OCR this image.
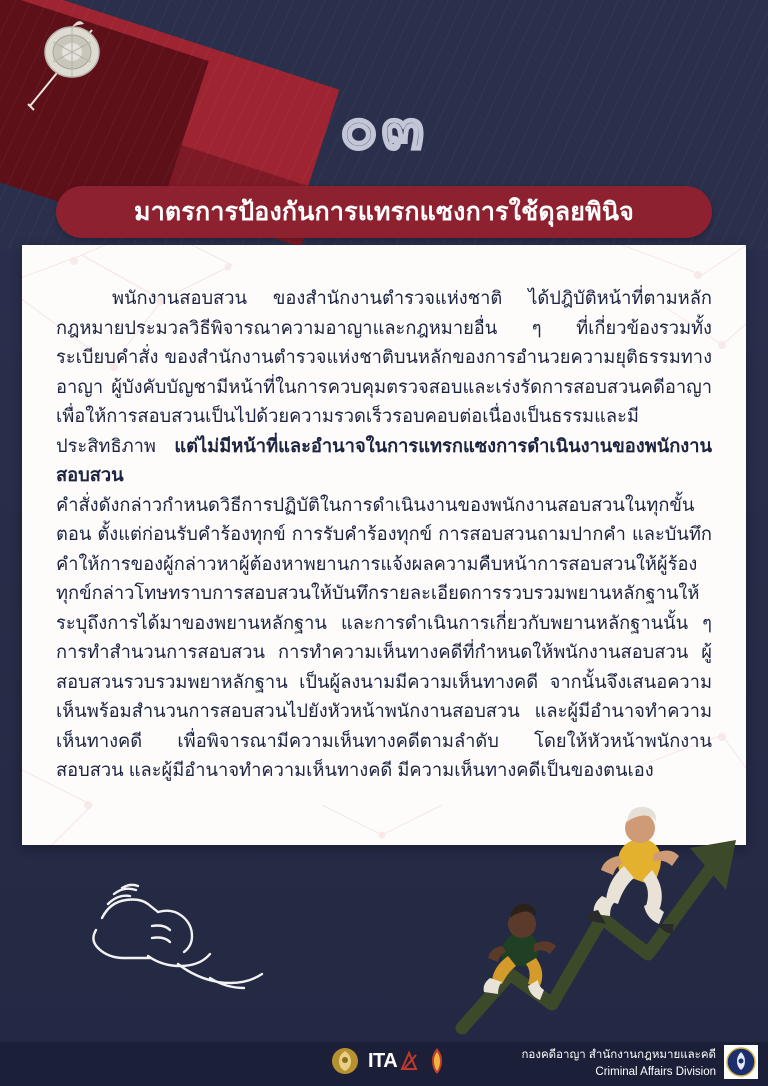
๐๓
มาตรการป้องกันการแทรกแซงการใช้ดุลยพินิจ

พนักงานสอบสวน ของสำนักงานตำรวจแห่งชาติ ได้ปฎิบัติหน้าที่ตามหลักกฎหมายประมวลวิธีพิจารณาความอาญาและกฎหมายอื่น ๆ ที่เกี่ยวข้องรวมทั้งระเบียบคำสั่ง ของสำนักงานตำรวจแห่งชาติบนหลักของการอำนวยความยุติธรรมทางอาญา ผู้บังคับบัญชามีหน้าที่ในการควบคุมตรวจสอบและเร่งรัดการสอบสวนคดีอาญาเพื่อให้การสอบสวนเป็นไปด้วยความรวดเร็วรอบคอบต่อเนื่องเป็นธรรมและมีประสิทธิภาพ แต่ไม่มีหน้าที่และอำนาจในการแทรกแซงการดำเนินงานของพนักงานสอบสวน

คำสั่งดังกล่าวกำหนดวิธีการปฏิบัติในการดำเนินงานของพนักงานสอบสวนในทุกขั้นตอน ตั้งแต่ก่อนรับคำร้องทุกข์ การรับคำร้องทุกข์ การสอบสวนถามปากคำ และบันทึกคำให้การของผู้กล่าวหาผู้ต้องหาพยานการแจ้งผลความคืบหน้าการสอบสวนให้ผู้ร้องทุกข์กล่าวโทษทราบการสอบสวนให้บันทึกรายละเอียดการรวบรวมพยานหลักฐานให้ระบุถึงการได้มาของพยานหลักฐาน และการดำเนินการเกี่ยวกับพยานหลักฐานนั้น ๆ การทำสำนวนการสอบสวน การทำความเห็นทางคดีที่กำหนดให้พนักงานสอบสวน ผู้สอบสวนรวบรวมพยาหลักฐาน เป็นผู้ลงนามมีความเห็นทางคดี จากนั้นจึงเสนอความเห็นพร้อมสำนวนการสอบสวนไปยังหัวหน้าพนักงานสอบสวน และผู้มีอำนาจทำความเห็นทางคดี เพื่อพิจารณามีความเห็นทางคดีตามลำดับ โดยให้หัวหน้าพนักงานสอบสวน และผู้มีอำนาจทำความเห็นทางคดี มีความเห็นทางคดีเป็นของตนเอง

ITA	กองคดีอาญา สำนักงานกฎหมายและคดี
Criminal Affairs Division
